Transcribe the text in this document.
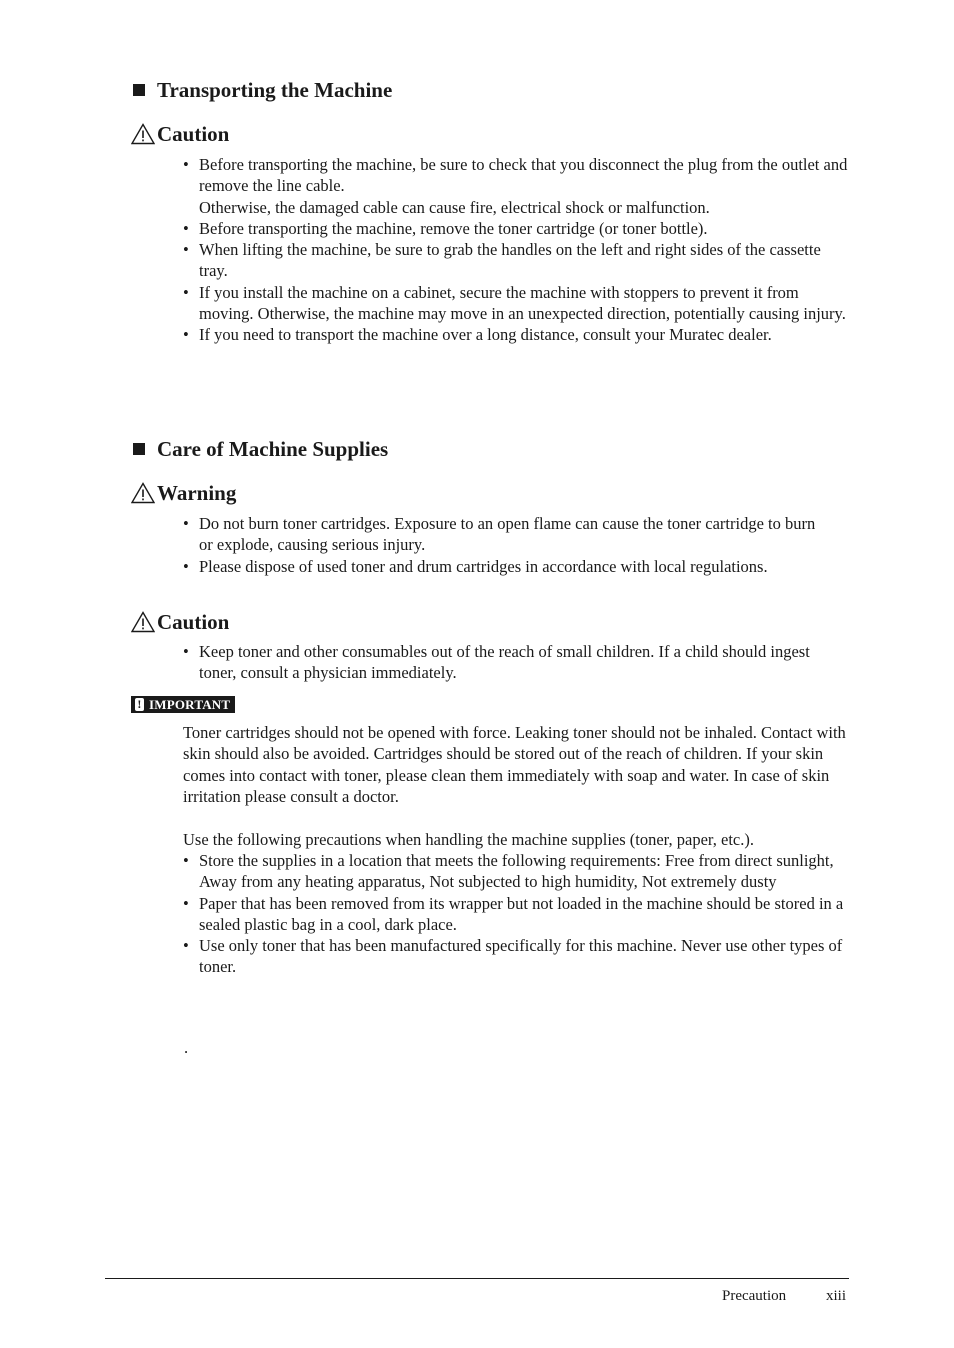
Transporting the Machine
Caution
• Before transporting the machine, be sure to check that you disconnect the plug from the outlet and remove the line cable.
Otherwise, the damaged cable can cause fire, electrical shock or malfunction.
• Before transporting the machine, remove the toner cartridge (or toner bottle).
• When lifting the machine, be sure to grab the handles on the left and right sides of the cassette tray.
• If you install the machine on a cabinet, secure the machine with stoppers to prevent it from moving. Otherwise, the machine may move in an unexpected direction, potentially causing injury.
• If you need to transport the machine over a long distance, consult your Muratec dealer.
Care of Machine Supplies
Warning
• Do not burn toner cartridges. Exposure to an open flame can cause the toner cartridge to burn or explode, causing serious injury.
• Please dispose of used toner and drum cartridges in accordance with local regulations.
Caution
• Keep toner and other consumables out of the reach of small children. If a child should ingest toner, consult a physician immediately.
! IMPORTANT
Toner cartridges should not be opened with force. Leaking toner should not be inhaled. Contact with skin should also be avoided. Cartridges should be stored out of the reach of children. If your skin comes into contact with toner, please clean them immediately with soap and water. In case of skin irritation please consult a doctor.
Use the following precautions when handling the machine supplies (toner, paper, etc.).
• Store the supplies in a location that meets the following requirements: Free from direct sunlight, Away from any heating apparatus, Not subjected to high humidity, Not extremely dusty
• Paper that has been removed from its wrapper but not loaded in the machine should be stored in a sealed plastic bag in a cool, dark place.
• Use only toner that has been manufactured specifically for this machine. Never use other types of toner.
.
Precaution	xiii
